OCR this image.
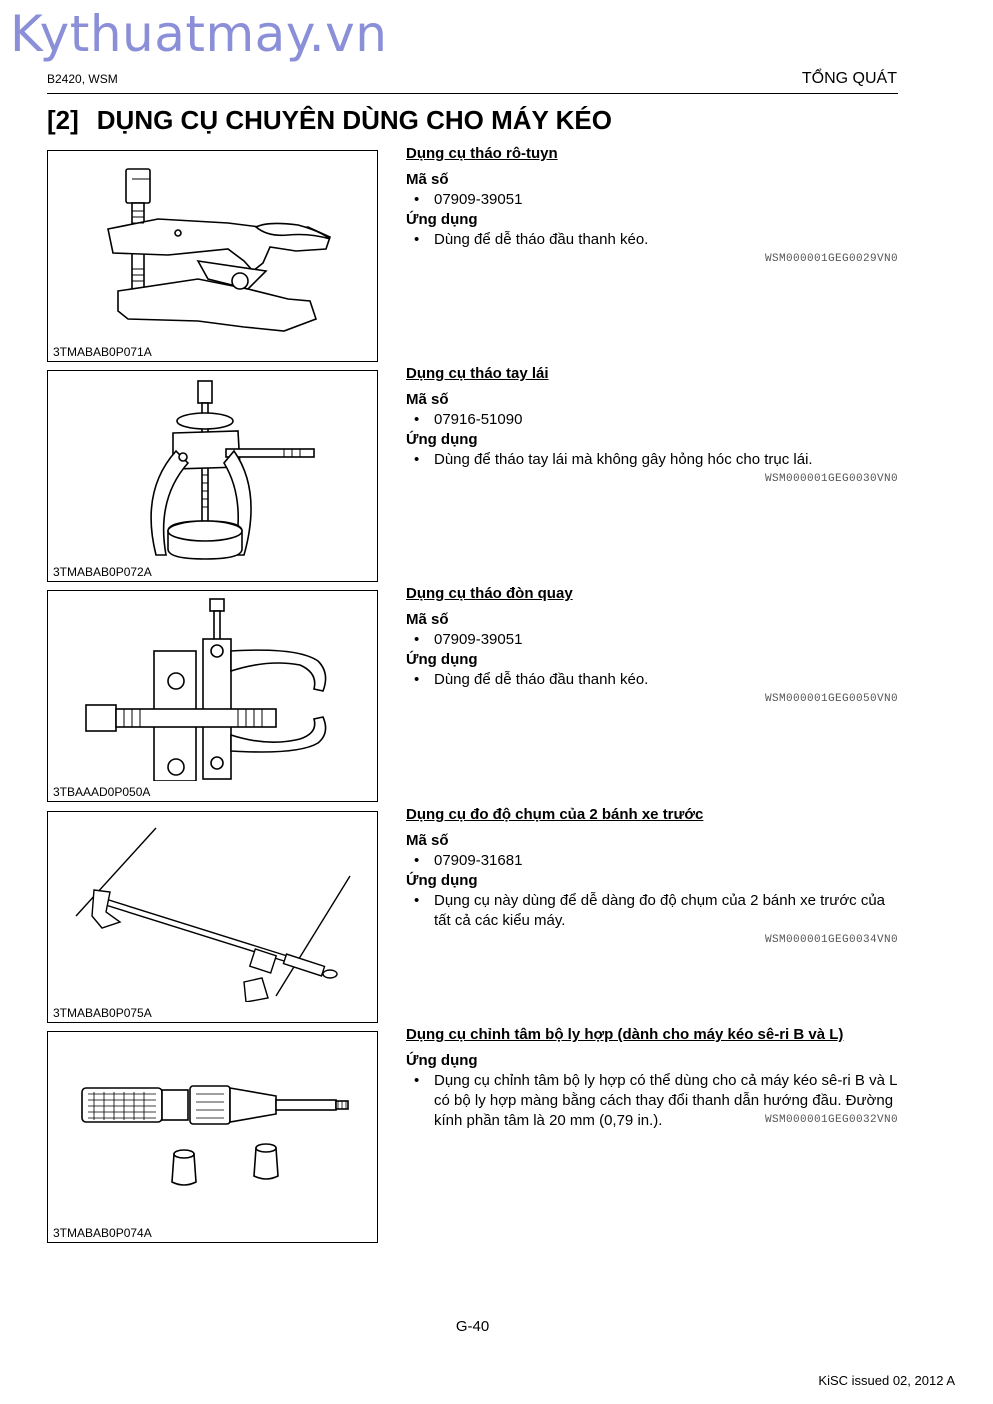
Kythuatmay.vn
B2420, WSM	TỔNG QUÁT
[2] DỤNG CỤ CHUYÊN DÙNG CHO MÁY KÉO
3TMABAB0P071A
Dụng cụ tháo rô-tuyn
Mã số
• 07909-39051
Ứng dụng
• Dùng để dễ tháo đầu thanh kéo.
WSM000001GEG0029VN0
3TMABAB0P072A
Dụng cụ tháo tay lái
Mã số
• 07916-51090
Ứng dụng
• Dùng để tháo tay lái mà không gây hỏng hóc cho trục lái.
WSM000001GEG0030VN0
3TBAAAD0P050A
Dụng cụ tháo đòn quay
Mã số
• 07909-39051
Ứng dụng
• Dùng để dễ tháo đầu thanh kéo.
WSM000001GEG0050VN0
3TMABAB0P075A
Dụng cụ đo độ chụm của 2 bánh xe trước
Mã số
• 07909-31681
Ứng dụng
• Dụng cụ này dùng để dễ dàng đo độ chụm của 2 bánh xe trước của tất cả các kiểu máy.
WSM000001GEG0034VN0
3TMABAB0P074A
Dụng cụ chỉnh tâm bộ ly hợp (dành cho máy kéo sê-ri B và L)
Ứng dụng
• Dụng cụ chỉnh tâm bộ ly hợp có thể dùng cho cả máy kéo sê-ri B và L có bộ ly hợp màng bằng cách thay đổi thanh dẫn hướng đầu. Đường kính phần tâm là 20 mm (0,79 in.).	WSM000001GEG0032VN0
G-40
KiSC issued 02, 2012 A
